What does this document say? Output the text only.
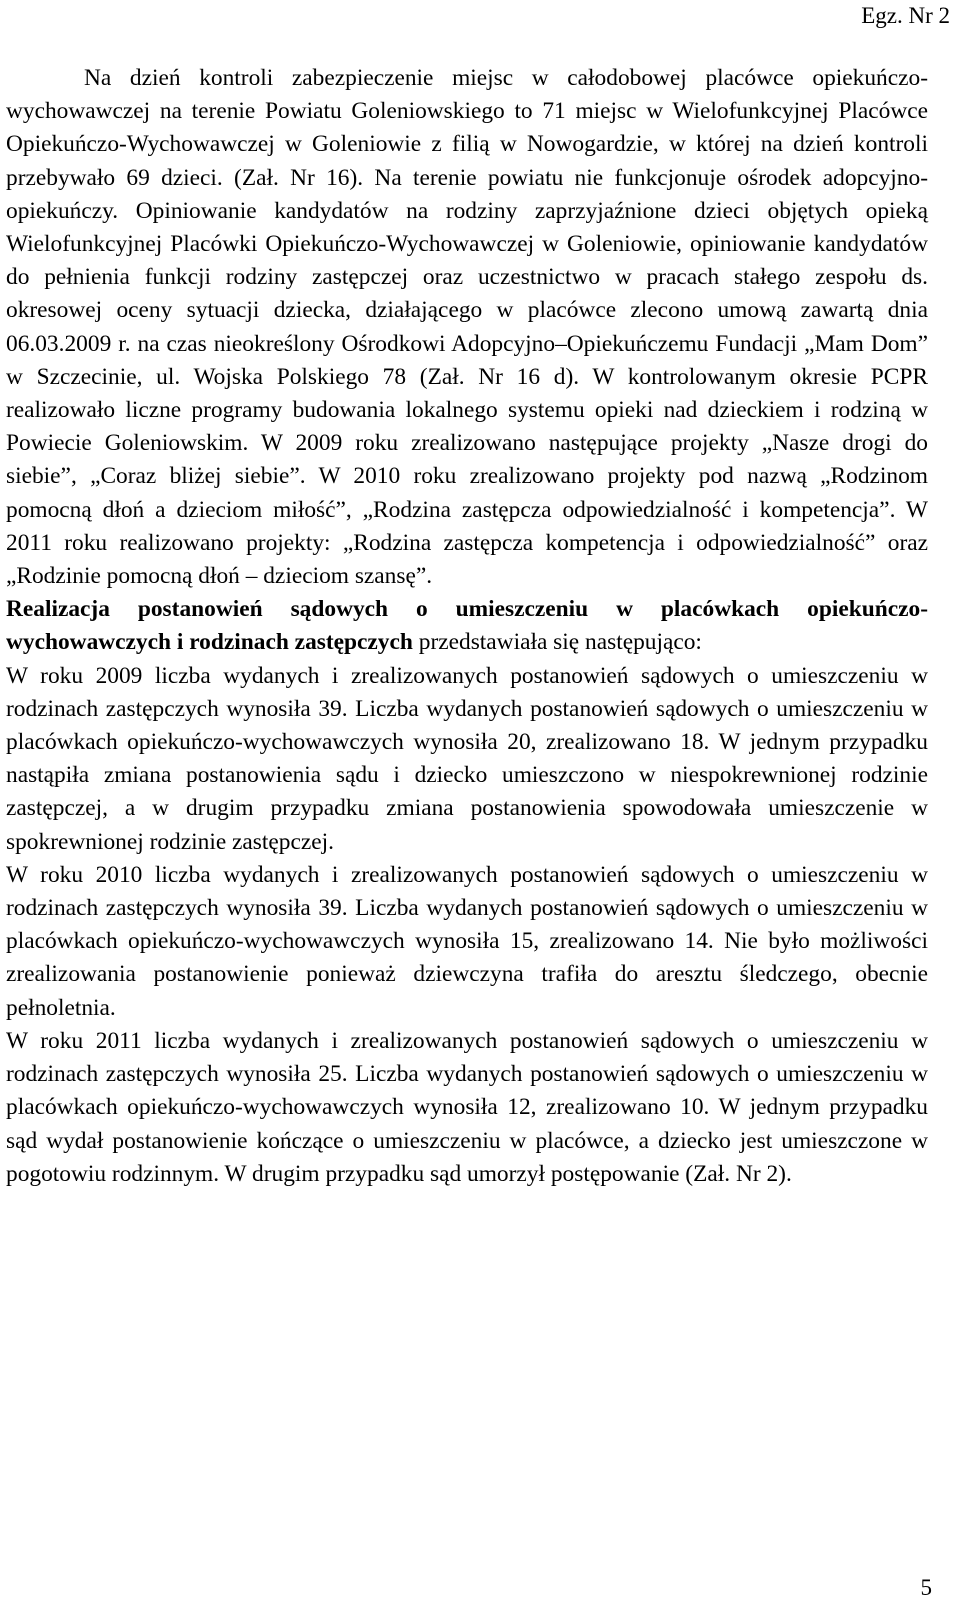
Egz. Nr 2

Na dzień kontroli zabezpieczenie miejsc w całodobowej placówce opiekuńczo-wychowawczej na terenie Powiatu Goleniowskiego to 71 miejsc w Wielofunkcyjnej Placówce Opiekuńczo-Wychowawczej w Goleniowie z filią w Nowogardzie, w której na dzień kontroli przebywało 69 dzieci. (Zał. Nr 16). Na terenie powiatu nie funkcjonuje ośrodek adopcyjno-opiekuńczy. Opiniowanie kandydatów na rodziny zaprzyjaźnione dzieci objętych opieką Wielofunkcyjnej Placówki Opiekuńczo-Wychowawczej w Goleniowie, opiniowanie kandydatów do pełnienia funkcji rodziny zastępczej oraz uczestnictwo w pracach stałego zespołu ds. okresowej oceny sytuacji dziecka, działającego w placówce zlecono umową zawartą dnia 06.03.2009 r. na czas nieokreślony Ośrodkowi Adopcyjno–Opiekuńczemu Fundacji „Mam Dom” w Szczecinie, ul. Wojska Polskiego 78 (Zał. Nr 16 d). W kontrolowanym okresie PCPR realizowało liczne programy budowania lokalnego systemu opieki nad dzieckiem i rodziną w Powiecie Goleniowskim. W 2009 roku zrealizowano następujące projekty „Nasze drogi do siebie”, „Coraz bliżej siebie”. W 2010 roku zrealizowano projekty pod nazwą „Rodzinom pomocną dłoń a dzieciom miłość”, „Rodzina zastępcza odpowiedzialność i kompetencja”. W 2011 roku realizowano projekty: „Rodzina zastępcza kompetencja i odpowiedzialność” oraz „Rodzinie pomocną dłoń – dzieciom szansę”.

Realizacja postanowień sądowych o umieszczeniu w placówkach opiekuńczo-wychowawczych i rodzinach zastępczych przedstawiała się następująco:

W roku 2009 liczba wydanych i zrealizowanych postanowień sądowych o umieszczeniu w rodzinach zastępczych wynosiła 39. Liczba wydanych postanowień sądowych o umieszczeniu w placówkach opiekuńczo-wychowawczych wynosiła 20, zrealizowano 18. W jednym przypadku nastąpiła zmiana postanowienia sądu i dziecko umieszczono w niespokrewnionej rodzinie zastępczej, a w drugim przypadku zmiana postanowienia spowodowała umieszczenie w spokrewnionej rodzinie zastępczej.

W roku 2010 liczba wydanych i zrealizowanych postanowień sądowych o umieszczeniu w rodzinach zastępczych wynosiła 39. Liczba wydanych postanowień sądowych o umieszczeniu w placówkach opiekuńczo-wychowawczych wynosiła 15, zrealizowano 14. Nie było możliwości zrealizowania postanowienie ponieważ dziewczyna trafiła do aresztu śledczego, obecnie pełnoletnia.

W roku 2011 liczba wydanych i zrealizowanych postanowień sądowych o umieszczeniu w rodzinach zastępczych wynosiła 25. Liczba wydanych postanowień sądowych o umieszczeniu w placówkach opiekuńczo-wychowawczych wynosiła 12, zrealizowano 10. W jednym przypadku sąd wydał postanowienie kończące o umieszczeniu w placówce, a dziecko jest umieszczone w pogotowiu rodzinnym. W drugim przypadku sąd umorzył postępowanie (Zał. Nr 2).

5
